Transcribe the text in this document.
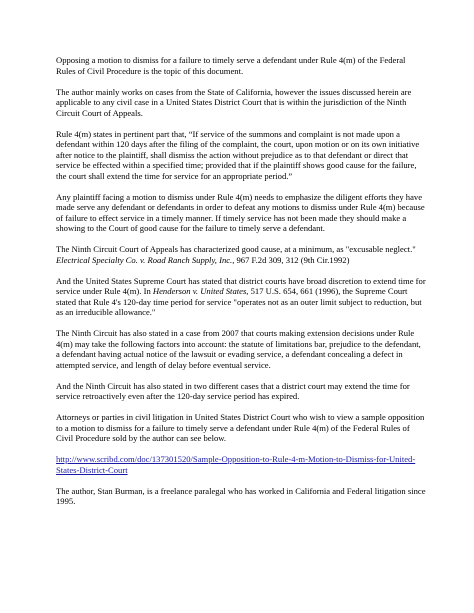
Opposing a motion to dismiss for a failure to timely serve a defendant under Rule 4(m) of the Federal Rules of Civil Procedure is the topic of this document.

The author mainly works on cases from the State of California, however the issues discussed herein are applicable to any civil case in a United States District Court that is within the jurisdiction of the Ninth Circuit Court of Appeals.

Rule 4(m) states in pertinent part that, “If service of the summons and complaint is not made upon a defendant within 120 days after the filing of the complaint, the court, upon motion or on its own initiative after notice to the plaintiff, shall dismiss the action without prejudice as to that defendant or direct that service be effected within a specified time; provided that if the plaintiff shows good cause for the failure, the court shall extend the time for service for an appropriate period.”

Any plaintiff facing a motion to dismiss under Rule 4(m) needs to emphasize the diligent efforts they have made serve any defendant or defendants in order to defeat any motions to dismiss under Rule 4(m) because of failure to effect service in a timely manner. If timely service has not been made they should make a showing to the Court of good cause for the failure to timely serve a defendant.

The Ninth Circuit Court of Appeals has characterized good cause, at a minimum, as "excusable neglect." Electrical Specialty Co. v. Road Ranch Supply, Inc., 967 F.2d 309, 312 (9th Cir.1992)

And the United States Supreme Court has stated that district courts have broad discretion to extend time for service under Rule 4(m). In Henderson v. United States, 517 U.S. 654, 661 (1996), the Supreme Court stated that Rule 4's 120-day time period for service "operates not as an outer limit subject to reduction, but as an irreducible allowance."

The Ninth Circuit has also stated in a case from 2007 that courts making extension decisions under Rule 4(m) may take the following factors into account: the statute of limitations bar, prejudice to the defendant, a defendant having actual notice of the lawsuit or evading service, a defendant concealing a defect in attempted service, and length of delay before eventual service.

And the Ninth Circuit has also stated in two different cases that a district court may extend the time for service retroactively even after the 120-day service period has expired.

Attorneys or parties in civil litigation in United States District Court who wish to view a sample opposition to a motion to dismiss for a failure to timely serve a defendant under Rule 4(m) of the Federal Rules of Civil Procedure sold by the author can see below.

http://www.scribd.com/doc/137301520/Sample-Opposition-to-Rule-4-m-Motion-to-Dismiss-for-United-States-District-Court

The author, Stan Burman, is a freelance paralegal who has worked in California and Federal litigation since 1995.
